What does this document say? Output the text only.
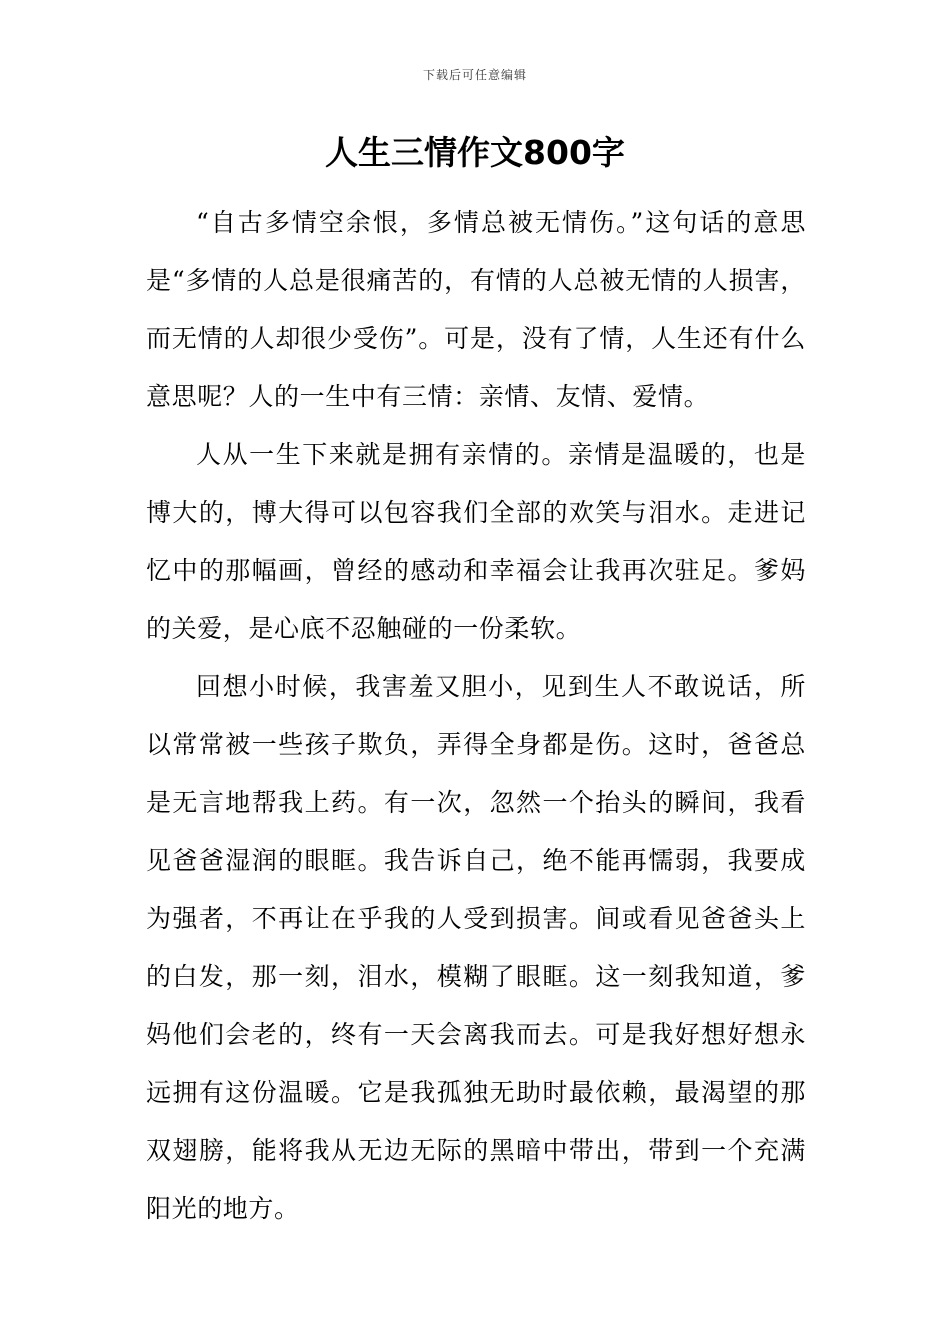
下载后可任意编辑
人生三情作文800字

“自古多情空余恨，多情总被无情伤。”这句话的意思是“多情的人总是很痛苦的，有情的人总被无情的人损害，而无情的人却很少受伤”。可是，没有了情，人生还有什么意思呢？人的一生中有三情：亲情、友情、爱情。

人从一生下来就是拥有亲情的。亲情是温暖的，也是博大的，博大得可以包容我们全部的欢笑与泪水。走进记忆中的那幅画，曾经的感动和幸福会让我再次驻足。爹妈的关爱，是心底不忍触碰的一份柔软。

回想小时候，我害羞又胆小，见到生人不敢说话，所以常常被一些孩子欺负，弄得全身都是伤。这时，爸爸总是无言地帮我上药。有一次，忽然一个抬头的瞬间，我看见爸爸湿润的眼眶。我告诉自己，绝不能再懦弱，我要成为强者，不再让在乎我的人受到损害。间或看见爸爸头上的白发，那一刻，泪水，模糊了眼眶。这一刻我知道，爹妈他们会老的，终有一天会离我而去。可是我好想好想永远拥有这份温暖。它是我孤独无助时最依赖，最渴望的那双翅膀，能将我从无边无际的黑暗中带出，带到一个充满阳光的地方。
